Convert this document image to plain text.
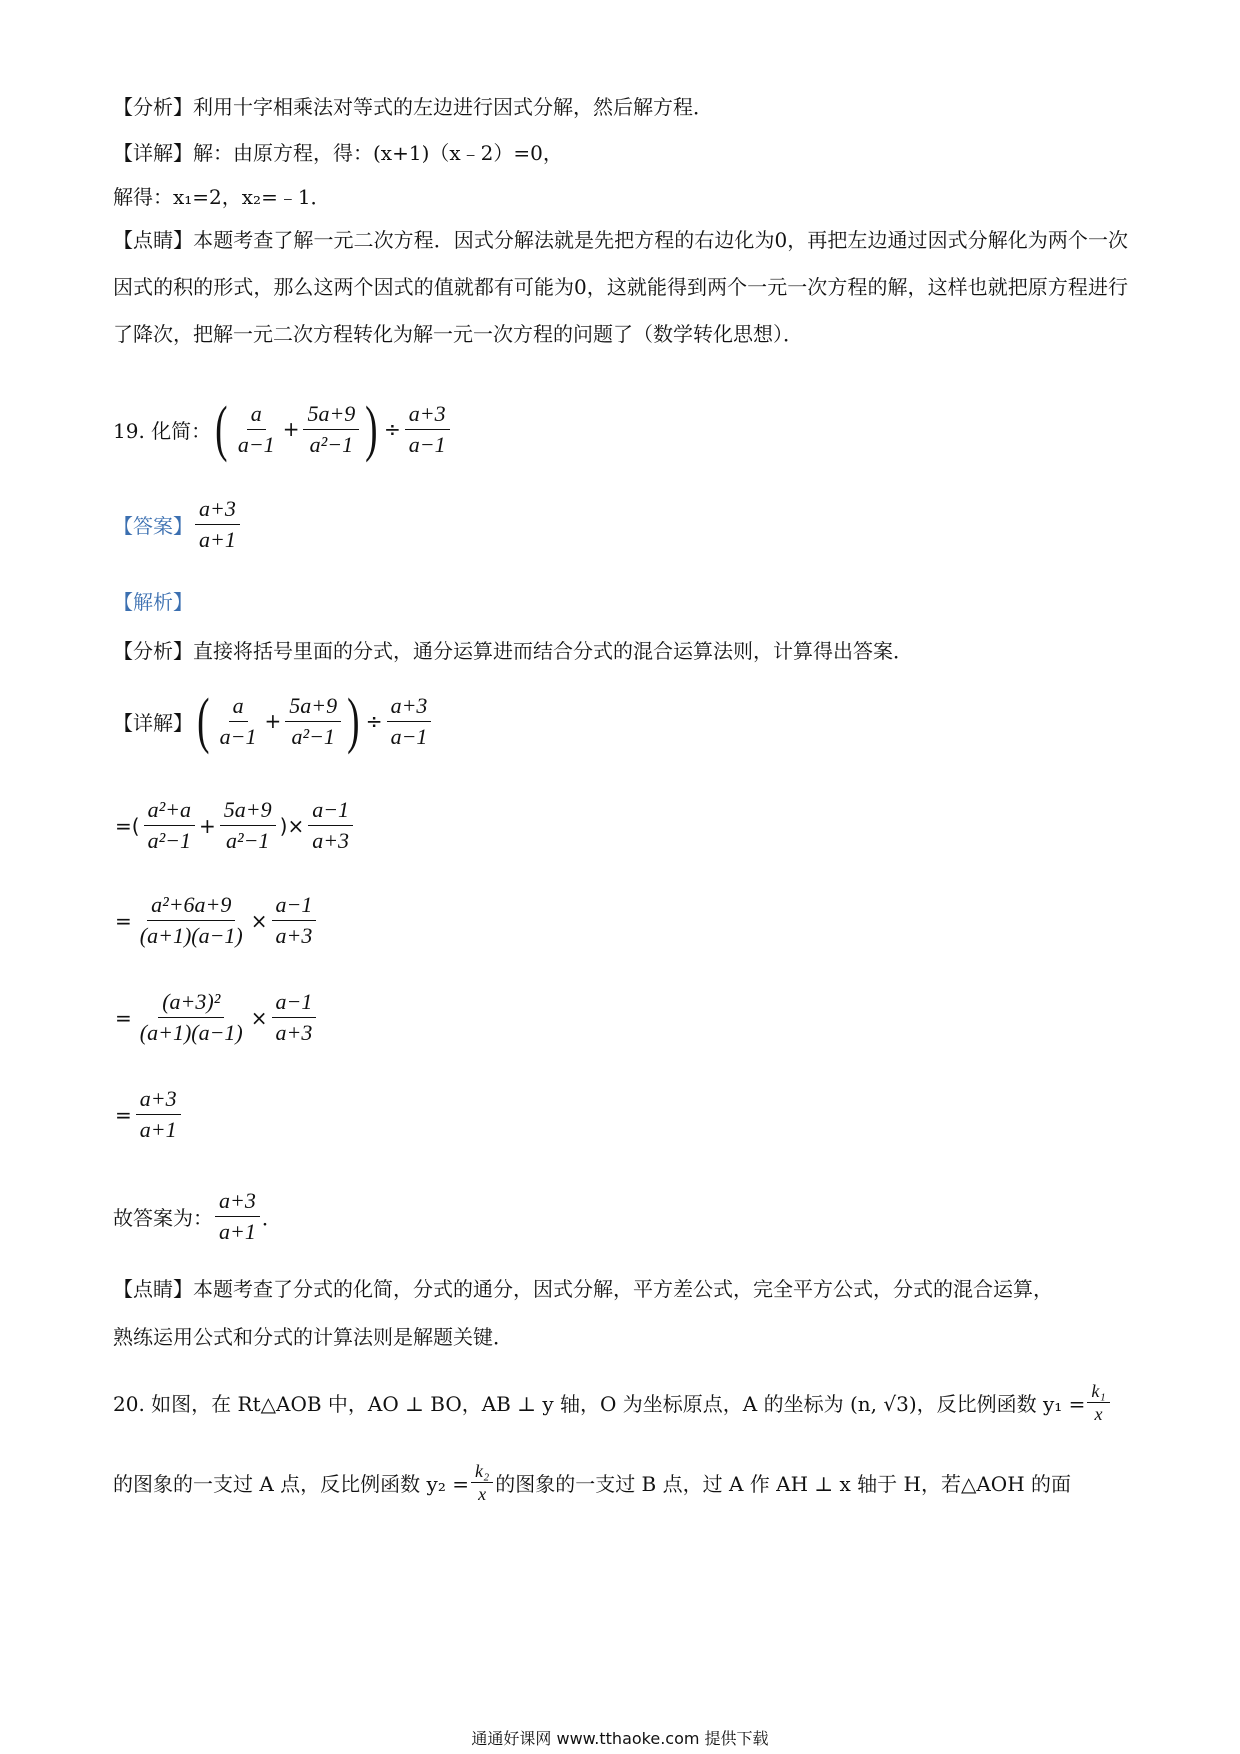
【分析】利用十字相乘法对等式的左边进行因式分解，然后解方程．
【详解】解：由原方程，得：(x+1)（x﹣2）=0，
解得：x₁=2，x₂=﹣1．
【点睛】本题考查了解一元二次方程．因式分解法就是先把方程的右边化为0，再把左边通过因式分解化为两个一次因式的积的形式，那么这两个因式的值就都有可能为0，这就能得到两个一元一次方程的解，这样也就把原方程进行了降次，把解一元二次方程转化为解一元一次方程的问题了（数学转化思想）．
19. 化简： ( $\frac{a}{a-1} + \frac{5a+9}{\text{a²−1}}$ ) ÷ $\frac{a+3}{a-1}$
【答案】 $\frac{a+3}{a+1}$
【解析】
【分析】直接将括号里面的分式，通分运算进而结合分式的混合运算法则，计算得出答案．
【详解】 ( $\frac{a}{a-1} + \frac{5a+9}{\text{a²−1}}$ ) ÷ $\frac{a+3}{a-1}$
=( $\frac{\text{a²+a}}{\text{a²−1}} + \frac{5a+9}{\text{a²−1}}$ )× $\frac{a-1}{a+3}$
= $\frac{\text{a²+6a+9}}{(a+1)(a-1)} \times \frac{a-1}{a+3}$
= $\frac{\text{(a+3)²}}{(a+1)(a-1)} \times \frac{a-1}{a+3}$
= $\frac{a+3}{a+1}$
故答案为： $\frac{a+3}{a+1}$ ．
【点睛】本题考查了分式的化简，分式的通分，因式分解，平方差公式，完全平方公式，分式的混合运算，
熟练运用公式和分式的计算法则是解题关键．
20. 如图，在 Rt△AOB 中，AO ⊥ BO，AB ⊥ y 轴，O 为坐标原点，A 的坐标为 (n, √3)，反比例函数 $y_1 = \frac{\text{k₁}}{x}$
的图象的一支过 A 点，反比例函数 $y_2 = \frac{\text{k₂}}{x}$ 的图象的一支过 B 点，过 A 作 AH ⊥ x 轴于 H，若△AOH 的面
通通好课网 www.tthaoke.com 提供下载
